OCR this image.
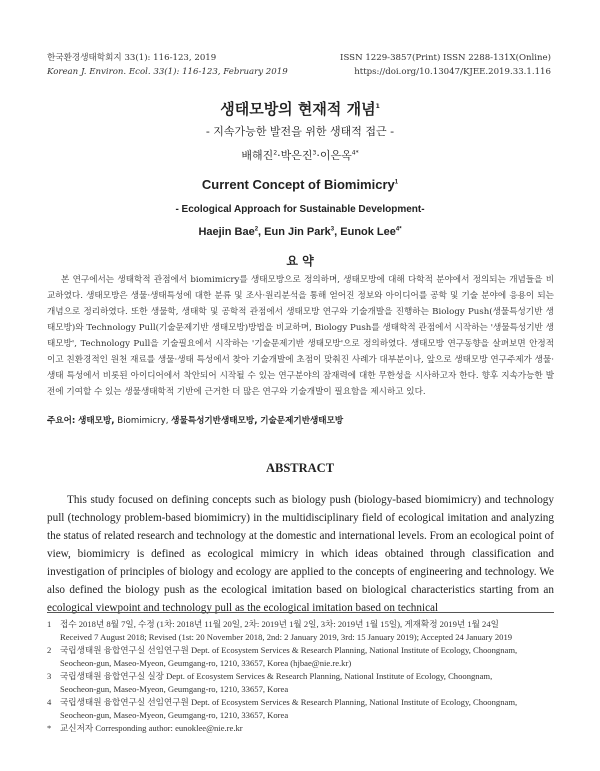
한국환경생태학회지 33(1): 116-123, 2019
Korean J. Environ. Ecol. 33(1): 116-123, February 2019
ISSN 1229-3857(Print) ISSN 2288-131X(Online)
https://doi.org/10.13047/KJEE.2019.33.1.116
생태모방의 현재적 개념$^1$
- 지속가능한 발전을 위한 생태적 접근 -
배해진$^2$·박은진$^3$·이은옥$^{4*}$
Current Concept of Biomimicry$^1$
- Ecological Approach for Sustainable Development-
Haejin Bae$^2$, Eun Jin Park$^3$, Eunok Lee$^{4*}$
요 약
본 연구에서는 생태학적 관점에서 biomimicry를 생태모방으로 정의하며, 생태모방에 대해 다학적 분야에서 정의되는 개념들을 비교하였다. 생태모방은 생물·생태특성에 대한 분류 및 조사·원리분석을 통해 얻어진 정보와 아이디어를 공학 및 기술 분야에 응용이 되는 개념으로 정리하였다. 또한 생물학, 생태학 및 공학적 관점에서 생태모방 연구와 기술개발을 진행하는 Biology Push(생물특성기반 생태모방)와 Technology Pull(기술문제기반 생태모방)방법을 비교하며, Biology Push를 생태학적 관점에서 시작하는 '생물특성기반 생태모방', Technology Pull을 기술필요에서 시작하는 '기술문제기반 생태모방'으로 정의하였다. 생태모방 연구동향을 살펴보면 안정적이고 친환경적인 원천 재료를 생물·생태 특성에서 찾아 기술개발에 초점이 맞춰진 사례가 대부분이나, 앞으로 생태모방 연구주제가 생물·생태 특성에서 비롯된 아이디어에서 착안되어 시작될 수 있는 연구분야의 잠재력에 대한 무한성을 시사하고자 한다. 향후 지속가능한 발전에 기여할 수 있는 생물생태학적 기반에 근거한 더 많은 연구와 기술개발이 필요함을 제시하고 있다.
주요어: 생태모방, Biomimicry, 생물특성기반생태모방, 기술문제기반생태모방
ABSTRACT
This study focused on defining concepts such as biology push (biology-based biomimicry) and technology pull (technology problem-based biomimicry) in the multidisciplinary field of ecological imitation and analyzing the status of related research and technology at the domestic and international levels. From an ecological point of view, biomimicry is defined as ecological mimicry in which ideas obtained through classification and investigation of principles of biology and ecology are applied to the concepts of engineering and technology. We also defined the biology push as the ecological imitation based on biological characteristics starting from an ecological viewpoint and technology pull as the ecological imitation based on technical
1	접수 2018년 8월 7일, 수정 (1차: 2018년 11월 20일, 2차: 2019년 1월 2일, 3차: 2019년 1월 15일), 게재확정 2019년 1월 24일
Received 7 August 2018; Revised (1st: 20 November 2018, 2nd: 2 January 2019, 3rd: 15 January 2019); Accepted 24 January 2019
2	국립생태원 융합연구실 선임연구원 Dept. of Ecosystem Services & Research Planning, National Institute of Ecology, Choongnam,
Seocheon-gun, Maseo-Myeon, Geumgang-ro, 1210, 33657, Korea (hjbae@nie.re.kr)
3	국립생태원 융합연구실 실장 Dept. of Ecosystem Services & Research Planning, National Institute of Ecology, Choongnam,
Seocheon-gun, Maseo-Myeon, Geumgang-ro, 1210, 33657, Korea
4	국립생태원 융합연구실 선임연구원 Dept. of Ecosystem Services & Research Planning, National Institute of Ecology, Choongnam,
Seocheon-gun, Maseo-Myeon, Geumgang-ro, 1210, 33657, Korea
*	교신저자 Corresponding author: eunoklee@nie.re.kr
